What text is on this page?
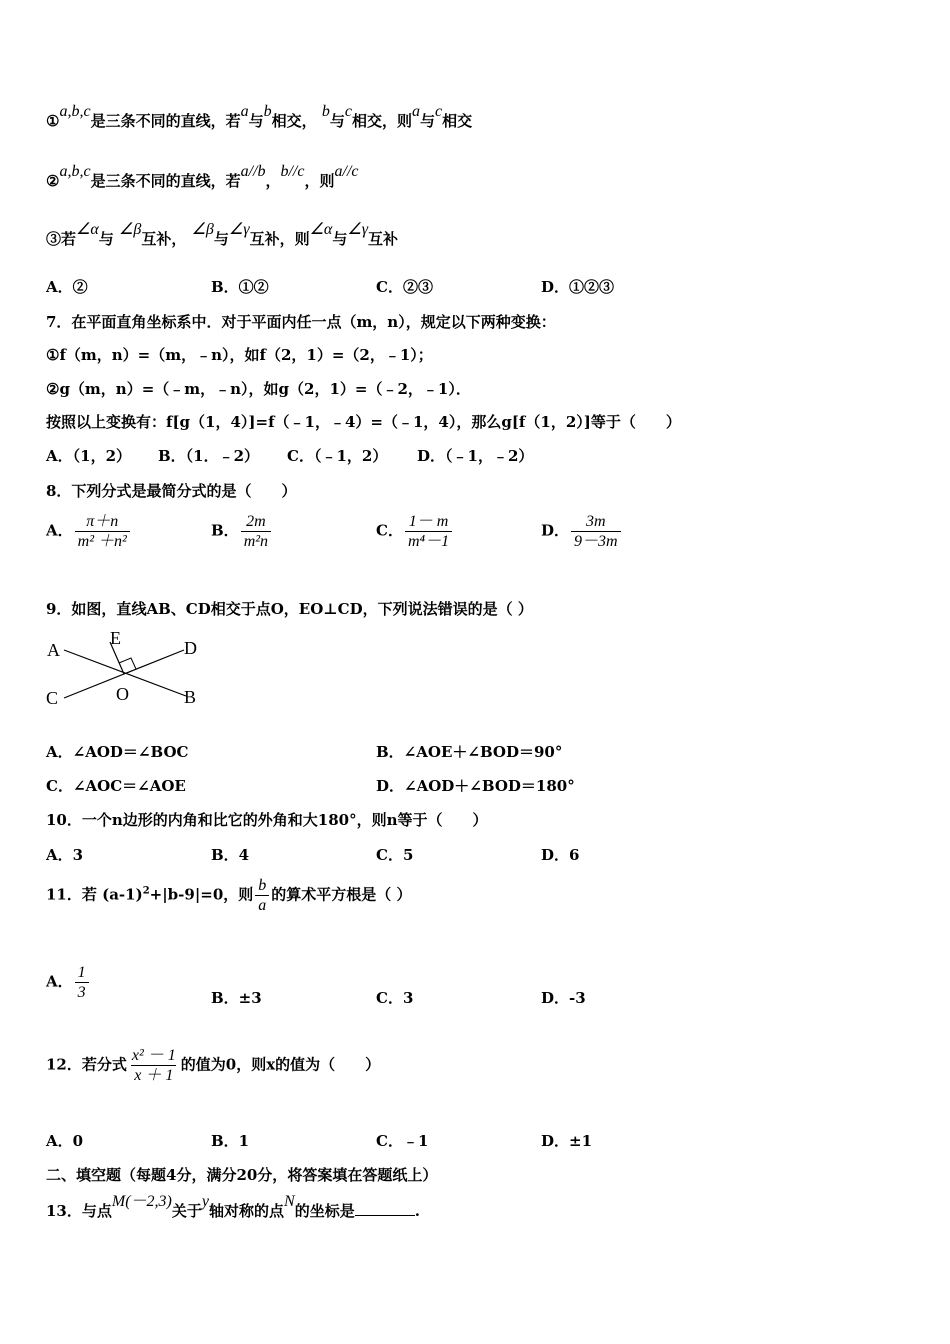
①a,b,c是三条不同的直线，若a与b相交， b与c相交，则a与c相交
②a,b,c是三条不同的直线，若a//b，b//c，则a//c
③若∠α与 ∠β互补， ∠β与∠γ互补，则∠α与∠γ互补
A．②	B．①②	C．②③	D．①②③
7．在平面直角坐标系中．对于平面内任一点（m，n），规定以下两种变换：
①f（m，n）=（m，﹣n），如f（2，1）=（2，﹣1）；
②g（m，n）=（﹣m，﹣n），如g（2，1）=（﹣2，﹣1）．
按照以上变换有：f[g（1，4）]=f（﹣1，﹣4）=（﹣1，4），那么g[f（1，2）]等于（　　）
A．（1，2） B．（1．﹣2） C．（﹣1，2） D．（﹣1，﹣2）
8．下列分式是最简分式的是（　　）
A． $\frac{\pi+n}{\text{m² ＋n²}}$	B． $\frac{2m}{\text{m²n}}$	C． $\frac{1- m}{\text{m⁴－1}}$	D． $\frac{3m}{9-3m}$
9．如图，直线AB、CD相交于点O，EO⊥CD，下列说法错误的是（ ）
A
E	D
C	O	B
A．∠AOD＝∠BOC	B．∠AOE＋∠BOD＝90°
C．∠AOC＝∠AOE	D．∠AOD＋∠BOD＝180°
10．一个n边形的内角和比它的外角和大180°，则n等于（　　）
A．3	B．4	C．5	D．6
11．若 $(a-1)^2+|b-9|=0$，则 $\frac{b}{a}$ 的算术平方根是（ ）
A． $\frac{1}{3}$	B．±3	C．3	D．-3
12．若分式 $\frac{\text{x² － 1}}{x + 1}$ 的值为0，则x的值为（　　）
A．0	B．1	C．﹣1	D．±1
二、填空题（每题4分，满分20分，将答案填在答题纸上）
13．与点M(－2,3)关于y轴对称的点N的坐标是	.
